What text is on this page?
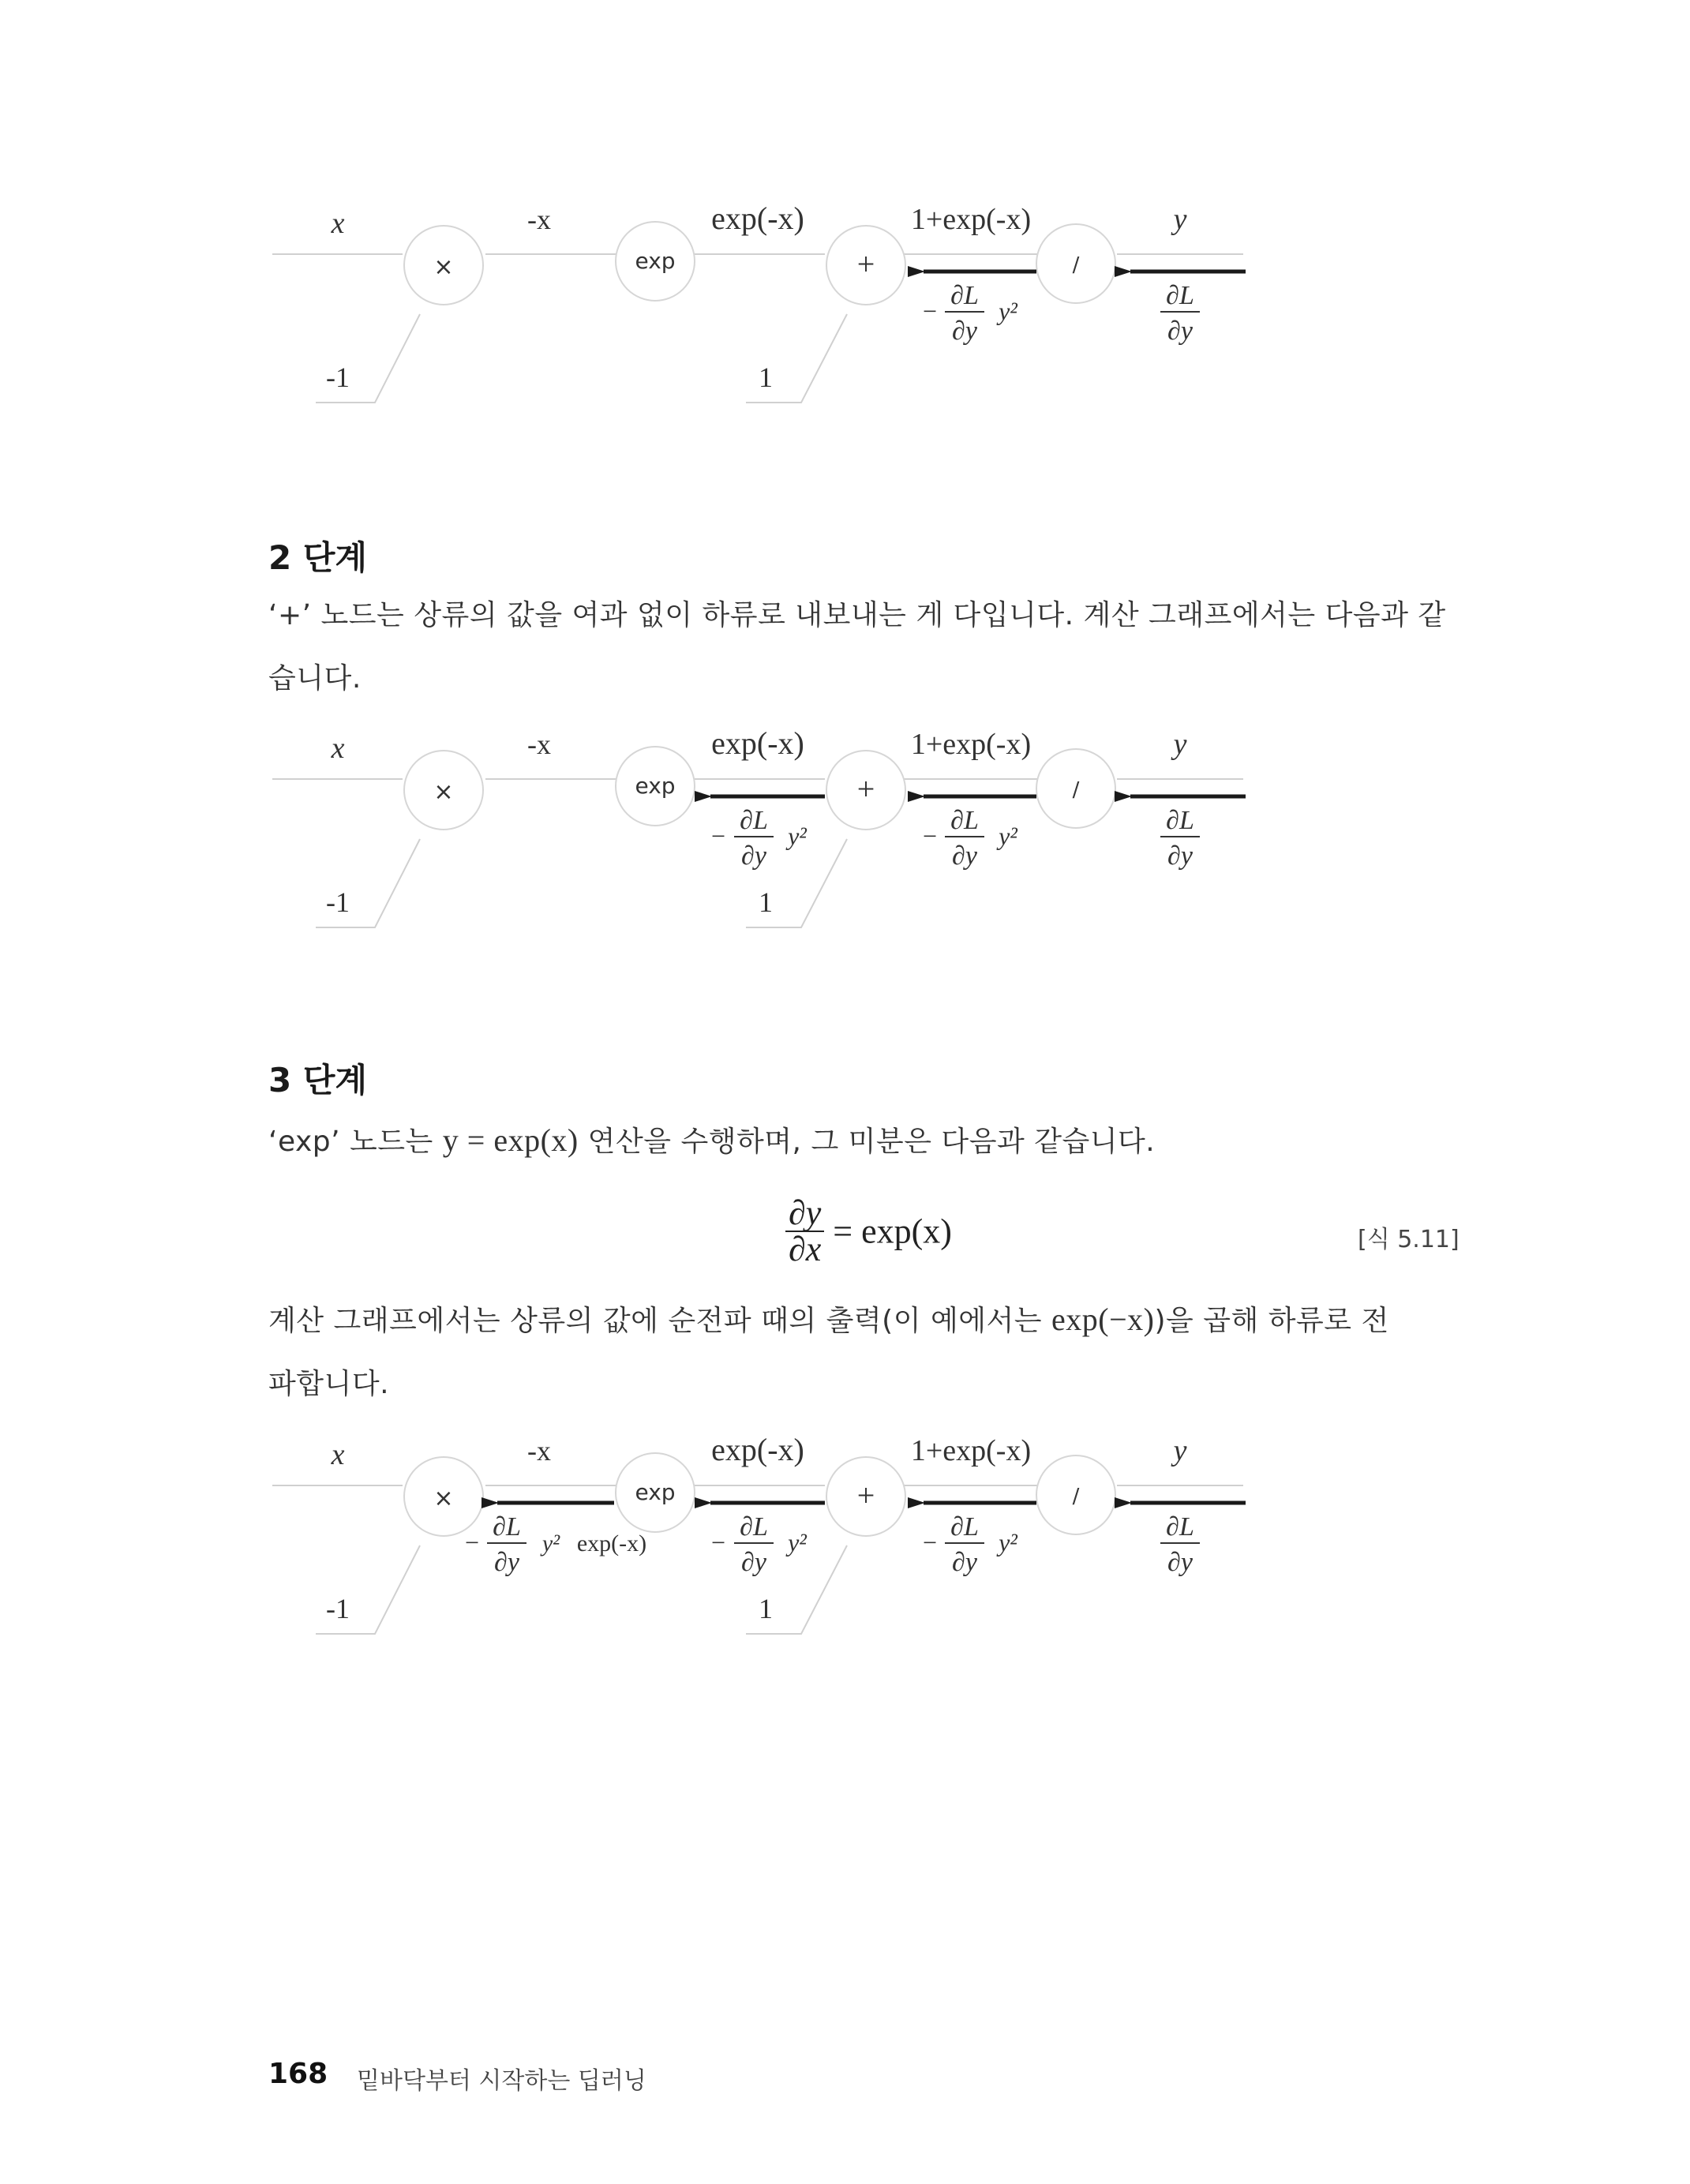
×	exp	+	/
x
-1
-x	exp(-x)
1
1+exp(-x)	y
−
∂L
∂y
y²
∂L
∂y
2 단계

‘+’ 노드는 상류의 값을 여과 없이 하류로 내보내는 게 다입니다. 계산 그래프에서는 다음과 같
습니다.

×	exp	+	/
x
-1
-x	exp(-x)
1
1+exp(-x)	y
−
∂L
∂y
y²	−
∂L
∂y
y²
∂L
∂y
3 단계

‘exp’ 노드는 y = exp(x) 연산을 수행하며, 그 미분은 다음과 같습니다.

$\frac{\partial y}{\partial x} = \exp(x)$	[식 5.11]

계산 그래프에서는 상류의 값에 순전파 때의 출력(이 예에서는 exp(−x))을 곱해 하류로 전
파합니다.

×	exp	+	/
x
-1
-x	exp(-x)
1
1+exp(-x)	y
−
∂L
∂y
y² exp(-x)	−
∂L
∂y
y²	−
∂L
∂y
y²
∂L
∂y
168 밑바닥부터 시작하는 딥러닝
